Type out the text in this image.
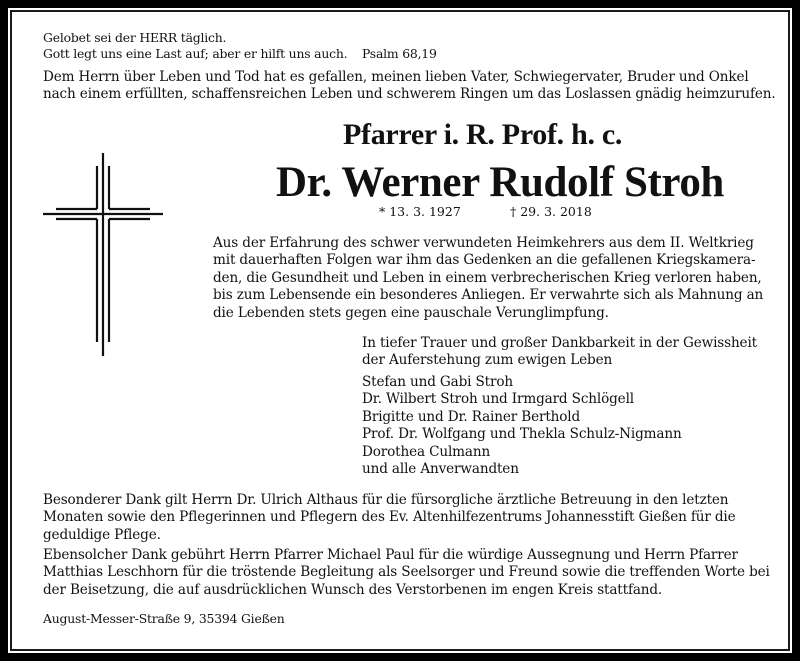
Gelobet sei der HERR täglich.
Gott legt uns eine Last auf; aber er hilft uns auch. Psalm 68,19
Dem Herrn über Leben und Tod hat es gefallen, meinen lieben Vater, Schwiegervater, Bruder und Onkel
nach einem erfüllten, schaffensreichen Leben und schwerem Ringen um das Loslassen gnädig heimzurufen.
Pfarrer i. R. Prof. h. c.
Dr. Werner Rudolf Stroh
* 13. 3. 1927	† 29. 3. 2018
Aus der Erfahrung des schwer verwundeten Heimkehrers aus dem II. Weltkrieg
mit dauerhaften Folgen war ihm das Gedenken an die gefallenen Kriegskamera-
den, die Gesundheit und Leben in einem verbrecherischen Krieg verloren haben,
bis zum Lebensende ein besonderes Anliegen. Er verwahrte sich als Mahnung an
die Lebenden stets gegen eine pauschale Verunglimpfung.
In tiefer Trauer und großer Dankbarkeit in der Gewissheit
der Auferstehung zum ewigen Leben
Stefan und Gabi Stroh
Dr. Wilbert Stroh und Irmgard Schlögell
Brigitte und Dr. Rainer Berthold
Prof. Dr. Wolfgang und Thekla Schulz-Nigmann
Dorothea Culmann
und alle Anverwandten
Besonderer Dank gilt Herrn Dr. Ulrich Althaus für die fürsorgliche ärztliche Betreuung in den letzten
Monaten sowie den Pflegerinnen und Pflegern des Ev. Altenhilfezentrums Johannesstift Gießen für die
geduldige Pflege.
Ebensolcher Dank gebührt Herrn Pfarrer Michael Paul für die würdige Aussegnung und Herrn Pfarrer
Matthias Leschhorn für die tröstende Begleitung als Seelsorger und Freund sowie die treffenden Worte bei
der Beisetzung, die auf ausdrücklichen Wunsch des Verstorbenen im engen Kreis stattfand.
August-Messer-Straße 9, 35394 Gießen
